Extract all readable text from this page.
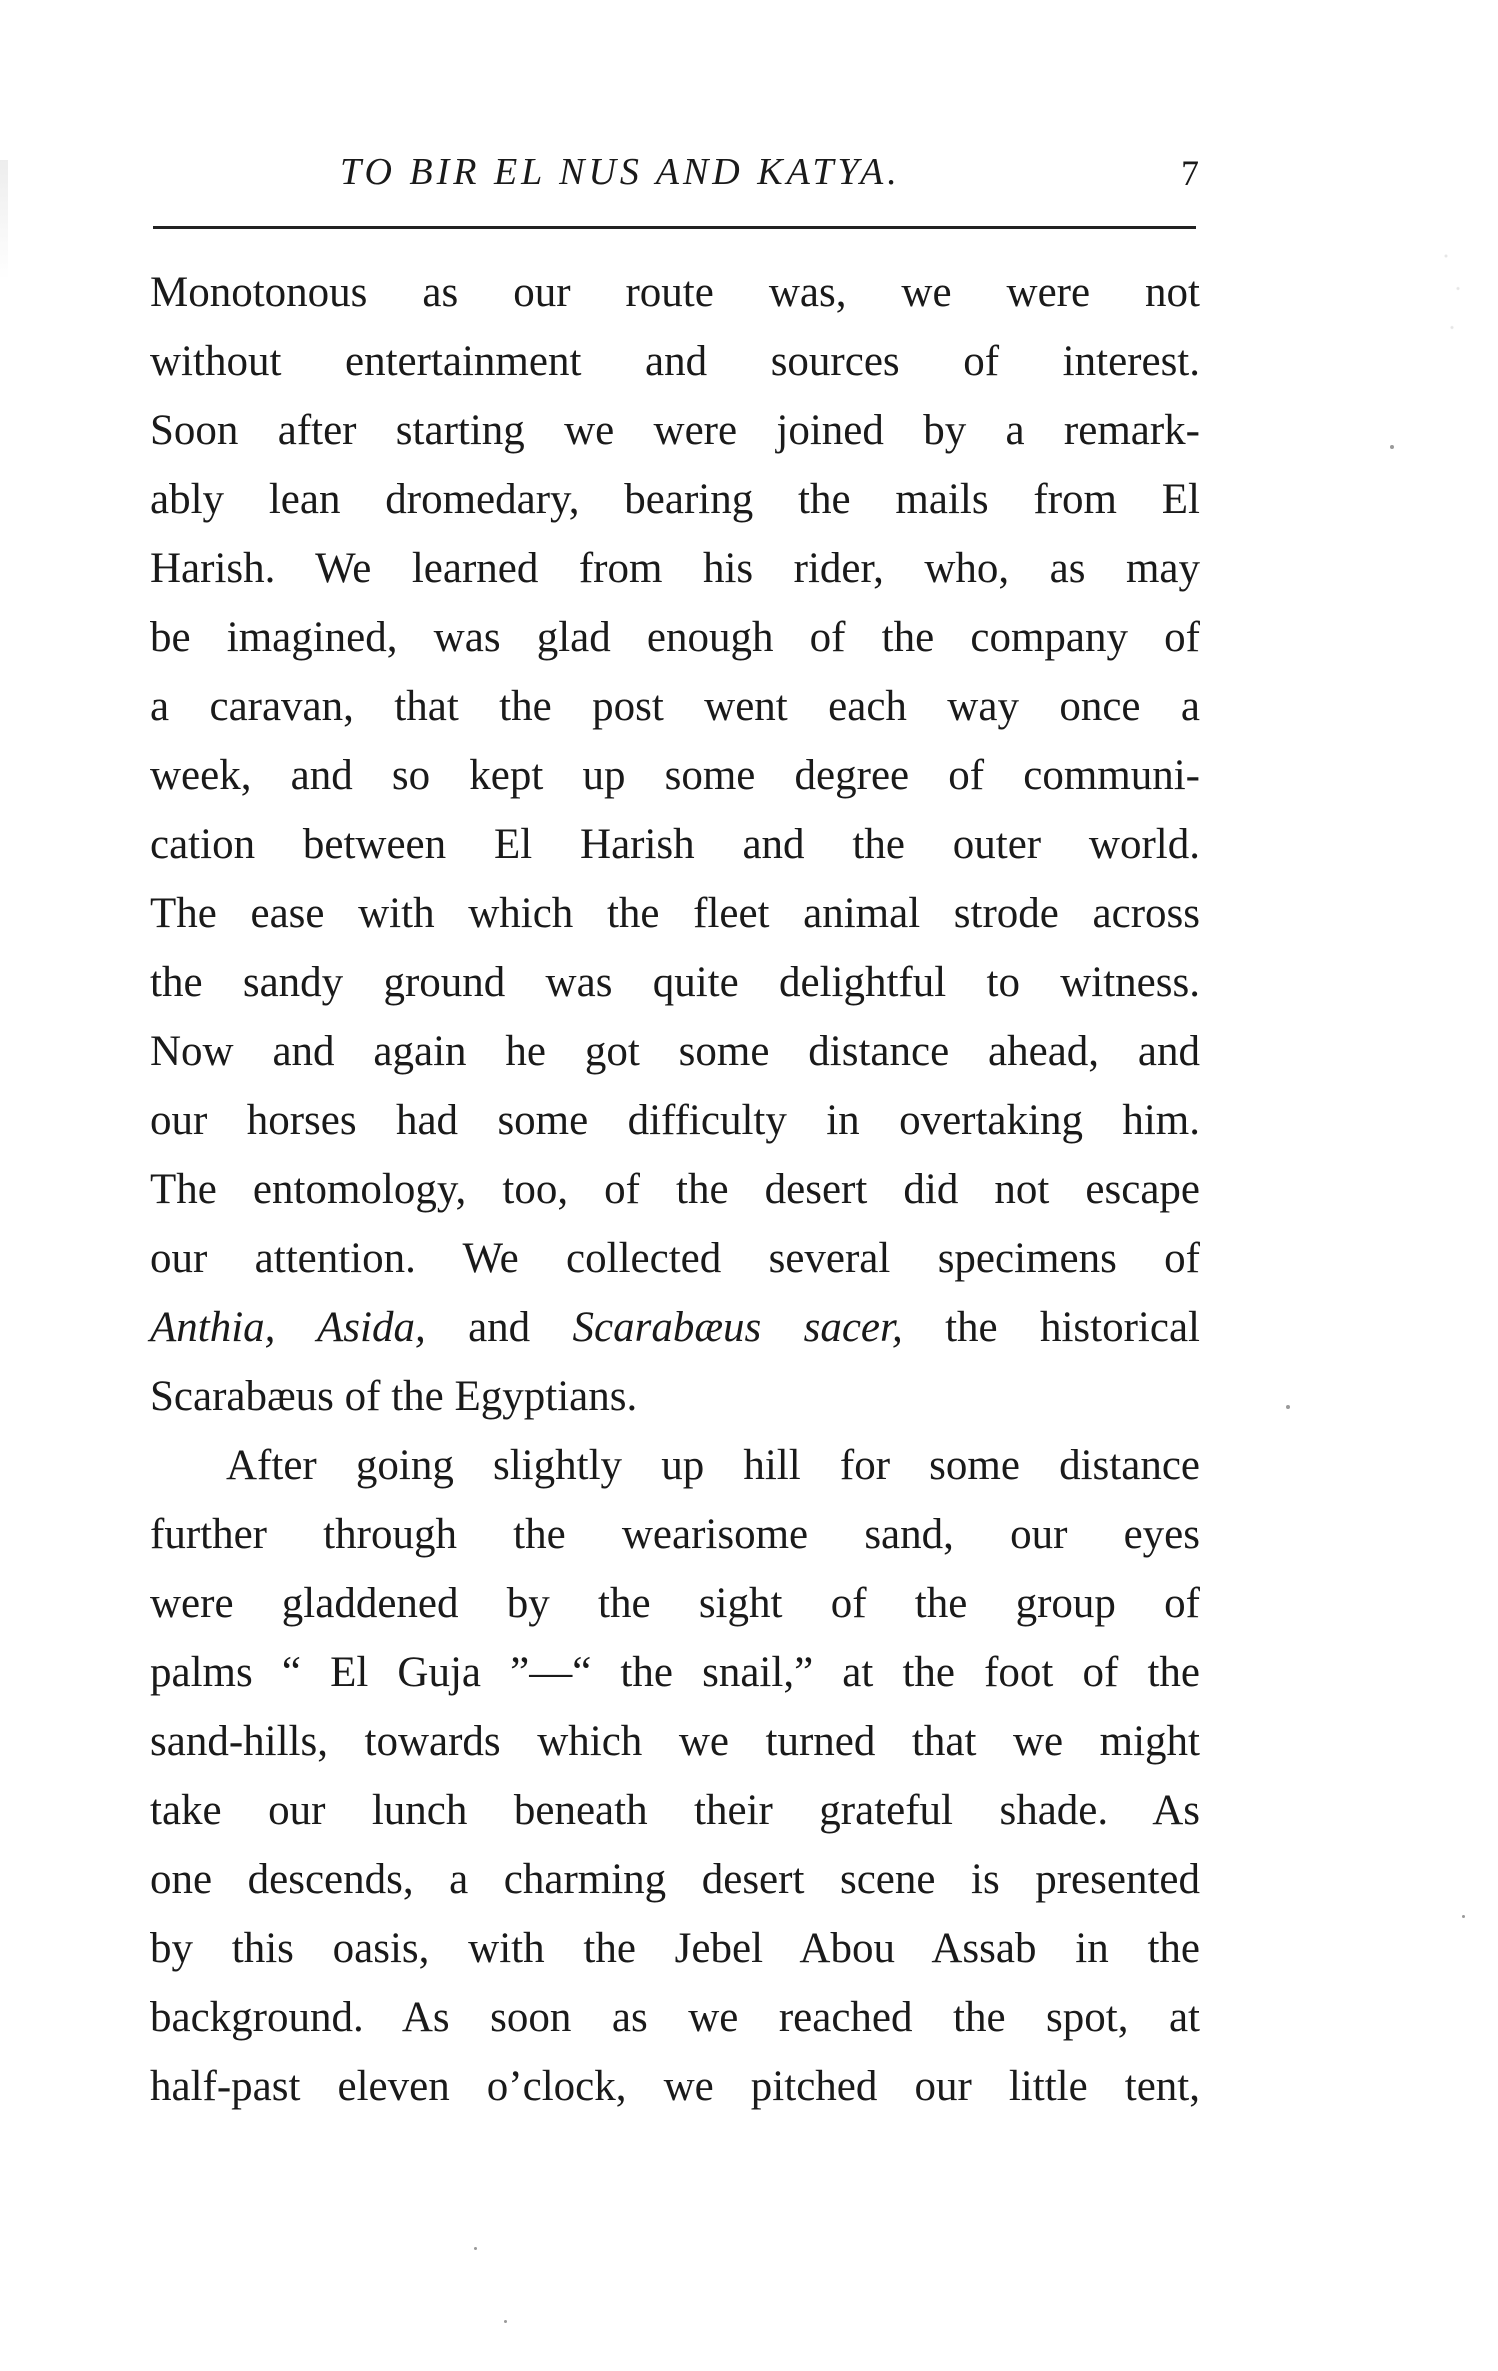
TO BIR EL NUS AND KATYA.	7
Monotonous as our route was, we were not
without entertainment and sources of interest.
Soon after starting we were joined by a remark-
ably lean dromedary, bearing the mails from El
Harish. We learned from his rider, who, as may
be imagined, was glad enough of the company of
a caravan, that the post went each way once a
week, and so kept up some degree of communi-
cation between El Harish and the outer world.
The ease with which the fleet animal strode across
the sandy ground was quite delightful to witness.
Now and again he got some distance ahead, and
our horses had some difficulty in overtaking him.
The entomology, too, of the desert did not escape
our attention. We collected several specimens of
Anthia, Asida, and Scarabæus sacer, the historical
Scarabæus of the Egyptians.
After going slightly up hill for some distance
further through the wearisome sand, our eyes
were gladdened by the sight of the group of
palms “ El Guja ”—“ the snail,” at the foot of the
sand-hills, towards which we turned that we might
take our lunch beneath their grateful shade. As
one descends, a charming desert scene is presented
by this oasis, with the Jebel Abou Assab in the
background. As soon as we reached the spot, at
half-past eleven o’clock, we pitched our little tent,
